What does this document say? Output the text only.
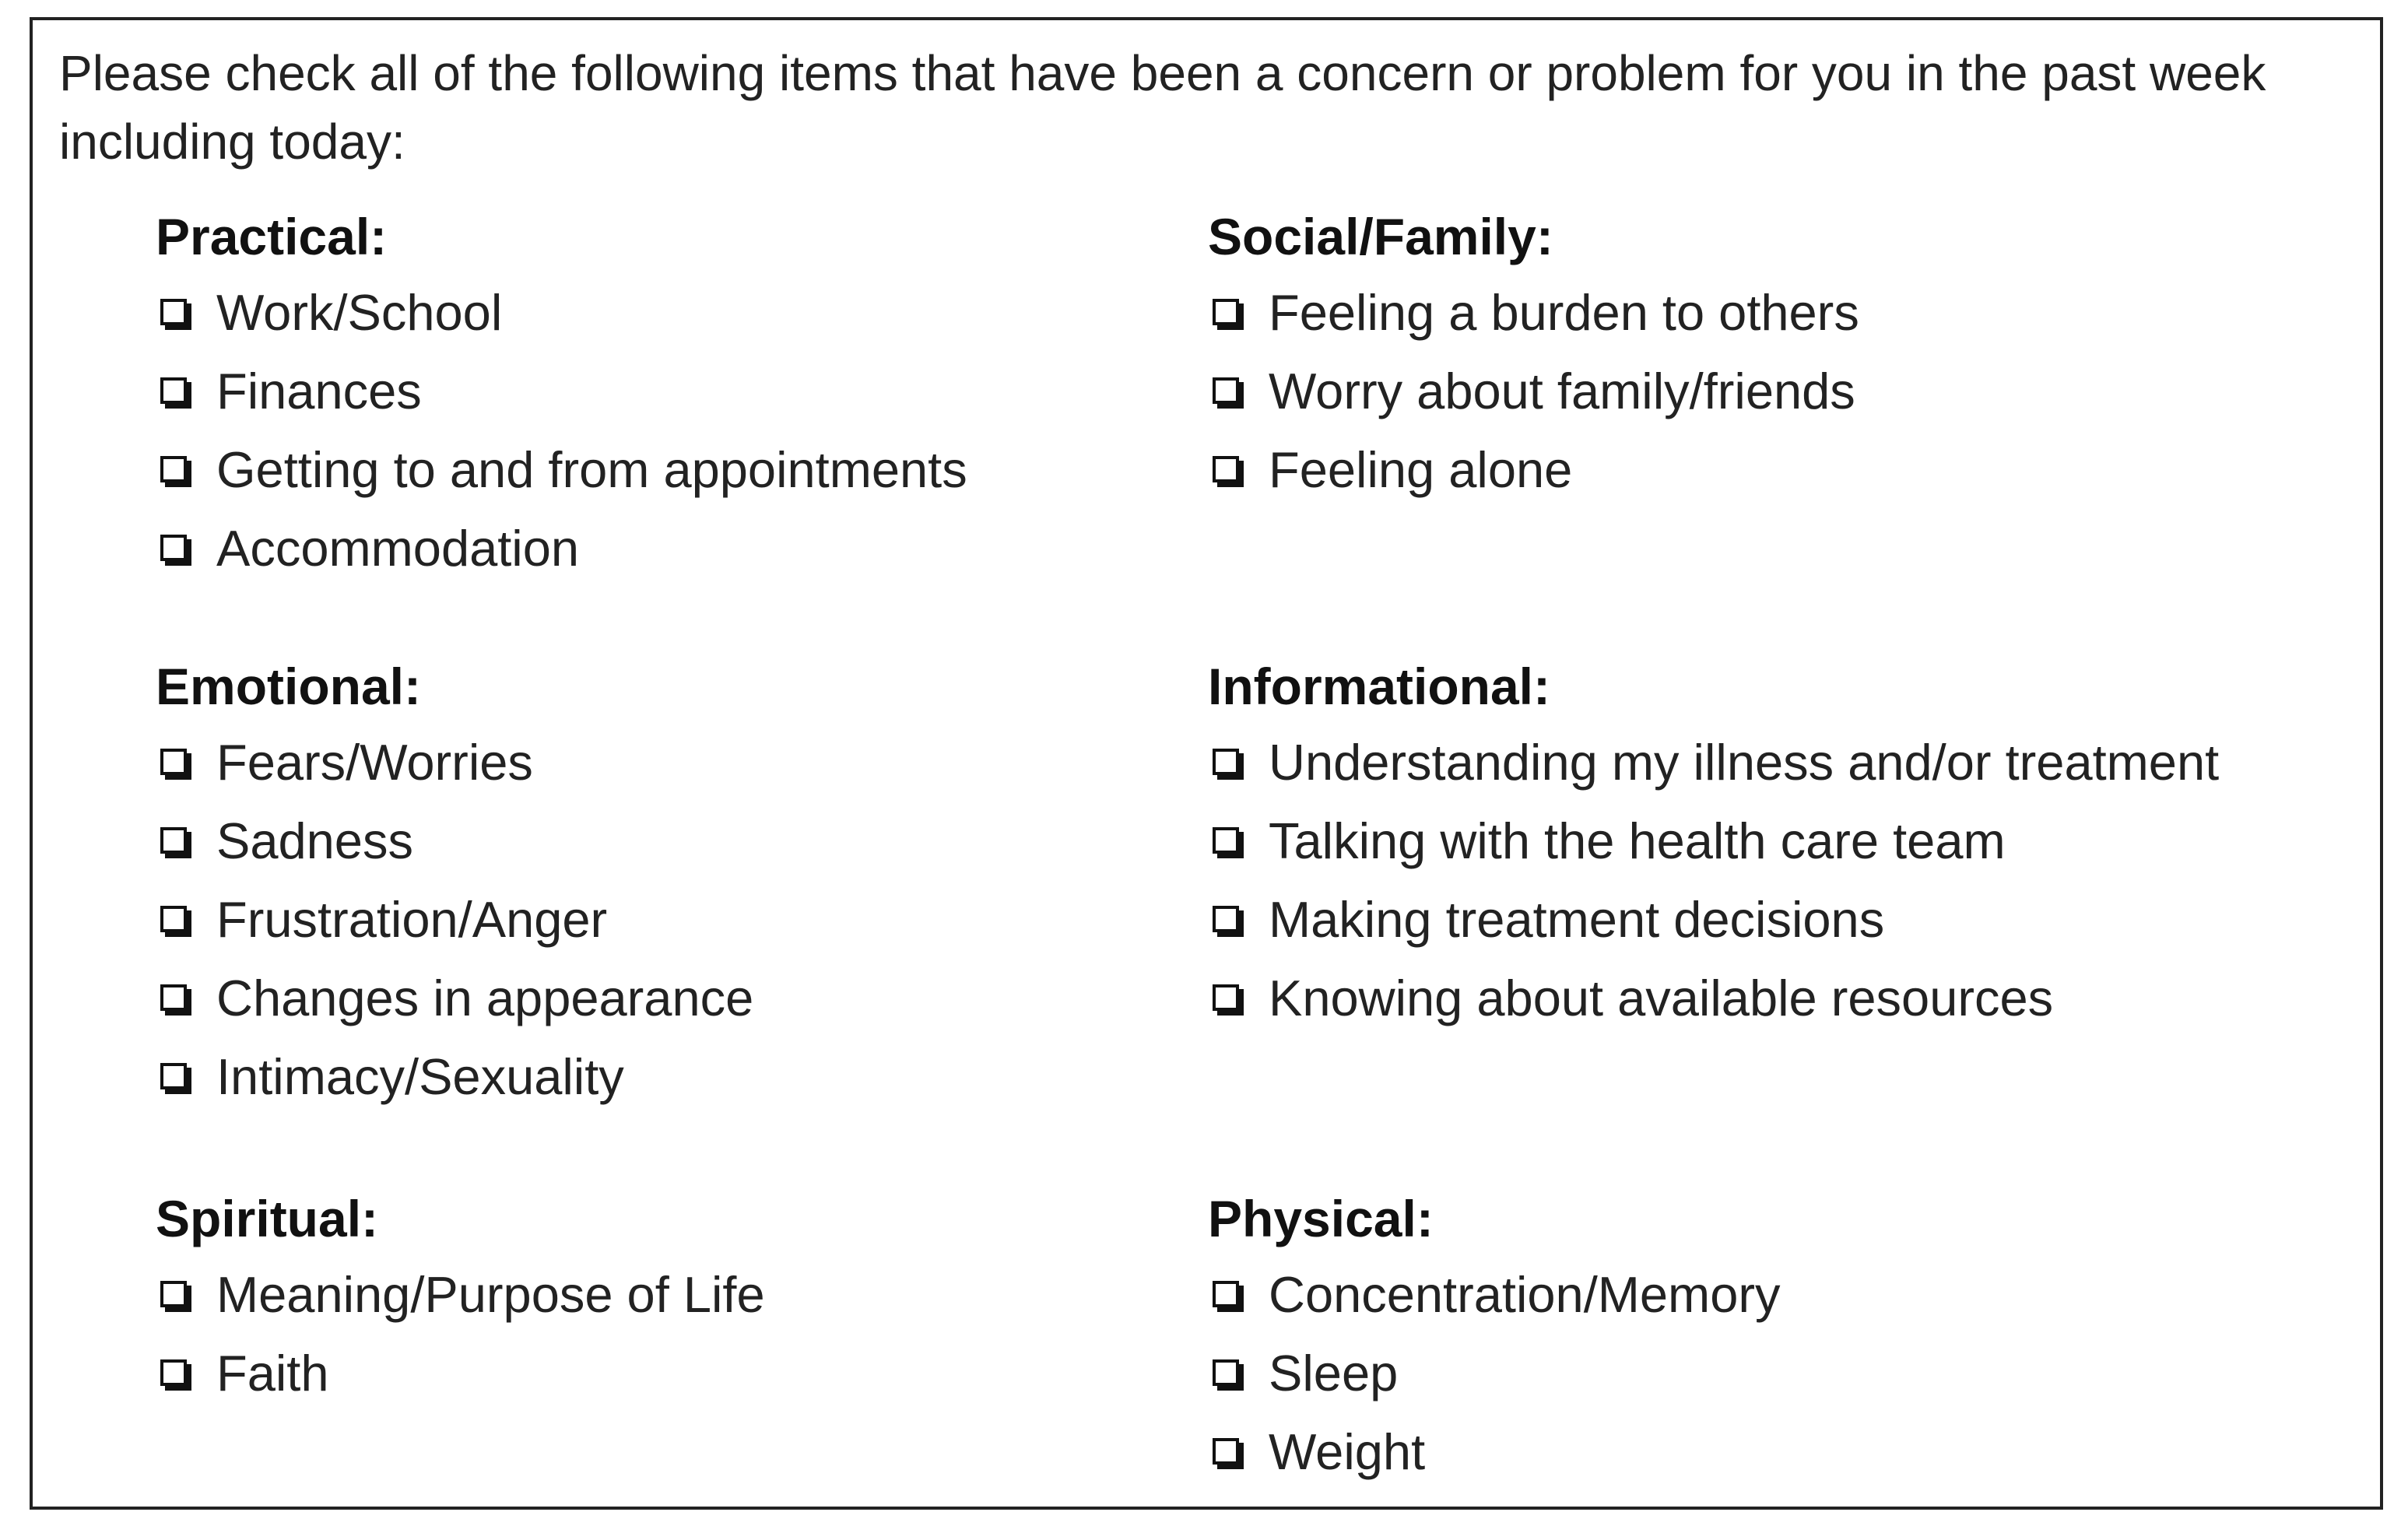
Please check all of the following items that have been a concern or problem for you in the past week including today:
Practical:
Work/School
Finances
Getting to and from appointments
Accommodation
Social/Family:
Feeling a burden to others
Worry about family/friends
Feeling alone
Emotional:
Fears/Worries
Sadness
Frustration/Anger
Changes in appearance
Intimacy/Sexuality
Informational:
Understanding my illness and/or treatment
Talking with the health care team
Making treatment decisions
Knowing about available resources
Spiritual:
Meaning/Purpose of Life
Faith
Physical:
Concentration/Memory
Sleep
Weight
